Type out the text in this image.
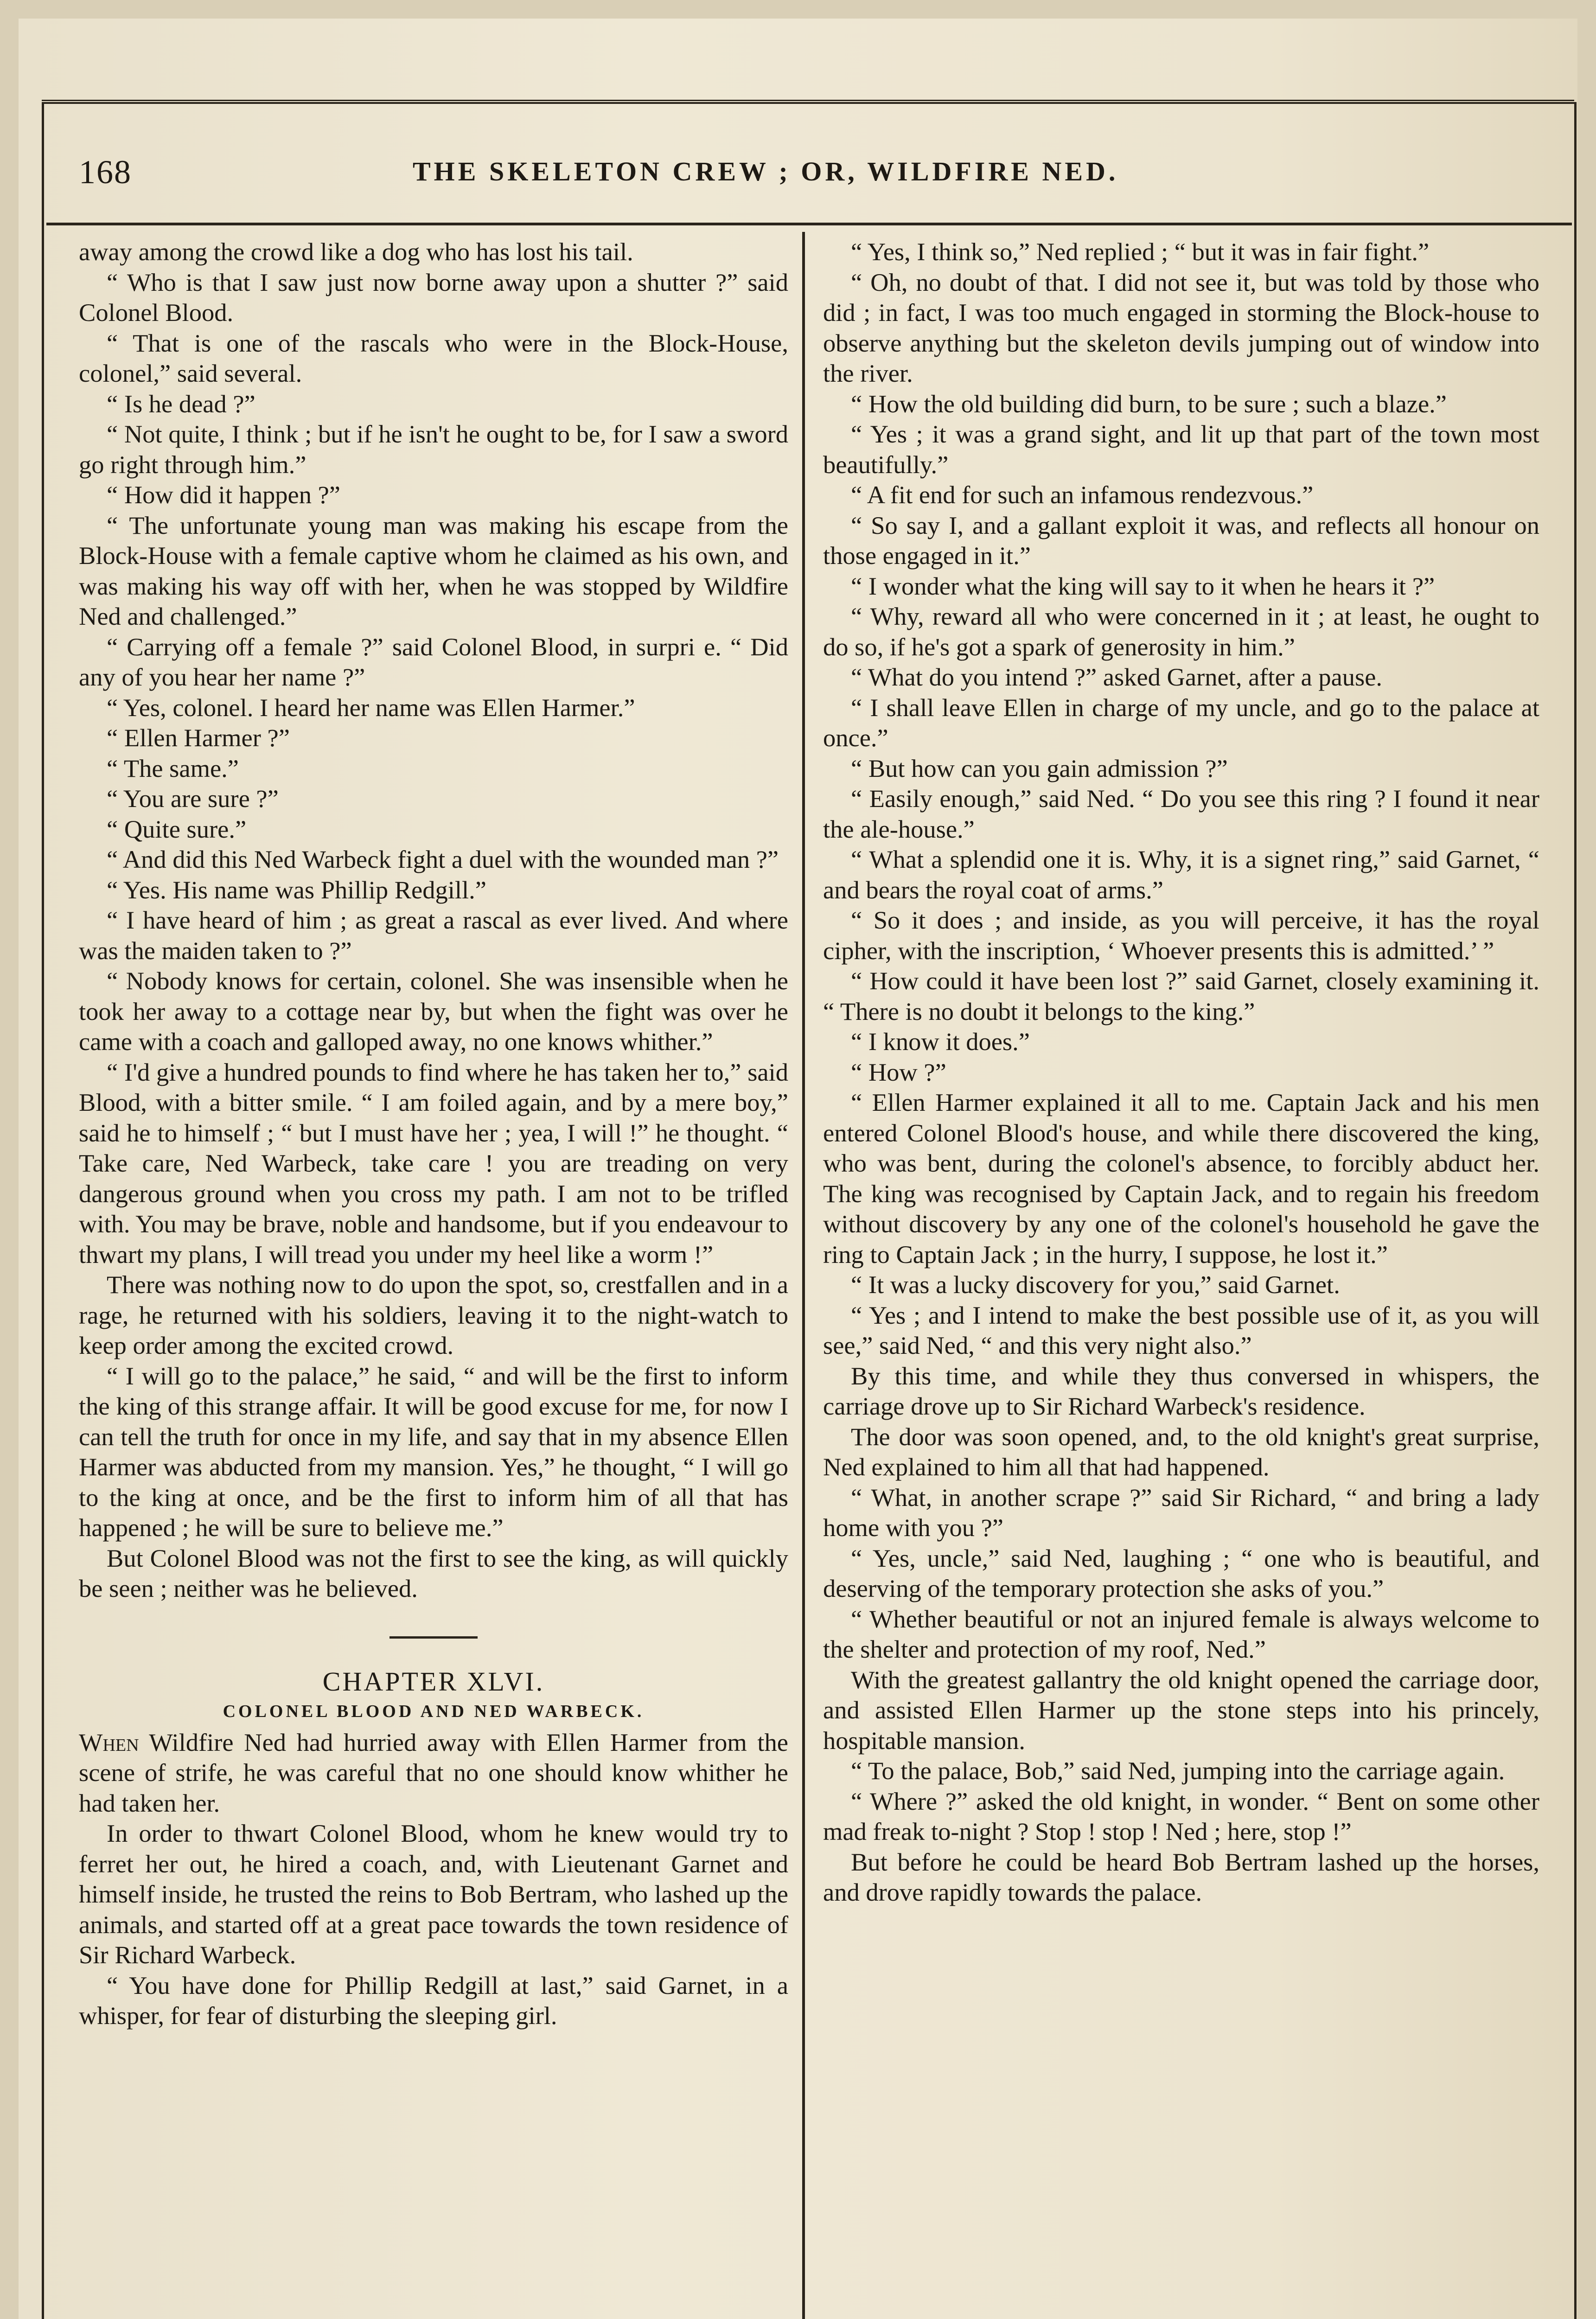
168	THE SKELETON CREW ; OR, WILDFIRE NED.

away among the crowd like a dog who has lost his tail.

“ Who is that I saw just now borne away upon a shutter ?” said Colonel Blood.

“ That is one of the rascals who were in the Block-House, colonel,” said several.

“ Is he dead ?”

“ Not quite, I think ; but if he isn't he ought to be, for I saw a sword go right through him.”

“ How did it happen ?”

“ The unfortunate young man was making his escape from the Block-House with a female captive whom he claimed as his own, and was making his way off with her, when he was stopped by Wildfire Ned and challenged.”

“ Carrying off a female ?” said Colonel Blood, in surpri e. “ Did any of you hear her name ?”

“ Yes, colonel. I heard her name was Ellen Harmer.”

“ Ellen Harmer ?”

“ The same.”

“ You are sure ?”

“ Quite sure.”

“ And did this Ned Warbeck fight a duel with the wounded man ?”

“ Yes. His name was Phillip Redgill.”

“ I have heard of him ; as great a rascal as ever lived. And where was the maiden taken to ?”

“ Nobody knows for certain, colonel. She was insensible when he took her away to a cottage near by, but when the fight was over he came with a coach and galloped away, no one knows whither.”

“ I'd give a hundred pounds to find where he has taken her to,” said Blood, with a bitter smile. “ I am foiled again, and by a mere boy,” said he to himself ; “ but I must have her ; yea, I will !” he thought. “ Take care, Ned Warbeck, take care ! you are treading on very dangerous ground when you cross my path. I am not to be trifled with. You may be brave, noble and handsome, but if you endeavour to thwart my plans, I will tread you under my heel like a worm !”

There was nothing now to do upon the spot, so, crestfallen and in a rage, he returned with his soldiers, leaving it to the night-watch to keep order among the excited crowd.

“ I will go to the palace,” he said, “ and will be the first to inform the king of this strange affair. It will be good excuse for me, for now I can tell the truth for once in my life, and say that in my absence Ellen Harmer was abducted from my mansion. Yes,” he thought, “ I will go to the king at once, and be the first to inform him of all that has happened ; he will be sure to believe me.”

But Colonel Blood was not the first to see the king, as will quickly be seen ; neither was he believed.

CHAPTER XLVI.

COLONEL BLOOD AND NED WARBECK.

When Wildfire Ned had hurried away with Ellen Harmer from the scene of strife, he was careful that no one should know whither he had taken her.

In order to thwart Colonel Blood, whom he knew would try to ferret her out, he hired a coach, and, with Lieutenant Garnet and himself inside, he trusted the reins to Bob Bertram, who lashed up the animals, and started off at a great pace towards the town residence of Sir Richard Warbeck.

“ You have done for Phillip Redgill at last,” said Garnet, in a whisper, for fear of disturbing the sleeping girl.

“ Yes, I think so,” Ned replied ; “ but it was in fair fight.”

“ Oh, no doubt of that. I did not see it, but was told by those who did ; in fact, I was too much engaged in storming the Block-house to observe anything but the skeleton devils jumping out of window into the river.

“ How the old building did burn, to be sure ; such a blaze.”

“ Yes ; it was a grand sight, and lit up that part of the town most beautifully.”

“ A fit end for such an infamous rendezvous.”

“ So say I, and a gallant exploit it was, and reflects all honour on those engaged in it.”

“ I wonder what the king will say to it when he hears it ?”

“ Why, reward all who were concerned in it ; at least, he ought to do so, if he's got a spark of generosity in him.”

“ What do you intend ?” asked Garnet, after a pause.

“ I shall leave Ellen in charge of my uncle, and go to the palace at once.”

“ But how can you gain admission ?”

“ Easily enough,” said Ned. “ Do you see this ring ? I found it near the ale-house.”

“ What a splendid one it is. Why, it is a signet ring,” said Garnet, “ and bears the royal coat of arms.”

“ So it does ; and inside, as you will perceive, it has the royal cipher, with the inscription, ‘ Whoever presents this is admitted.’ ”

“ How could it have been lost ?” said Garnet, closely examining it. “ There is no doubt it belongs to the king.”

“ I know it does.”

“ How ?”

“ Ellen Harmer explained it all to me. Captain Jack and his men entered Colonel Blood's house, and while there discovered the king, who was bent, during the colonel's absence, to forcibly abduct her. The king was recognised by Captain Jack, and to regain his freedom without discovery by any one of the colonel's household he gave the ring to Captain Jack ; in the hurry, I suppose, he lost it.”

“ It was a lucky discovery for you,” said Garnet.

“ Yes ; and I intend to make the best possible use of it, as you will see,” said Ned, “ and this very night also.”

By this time, and while they thus conversed in whispers, the carriage drove up to Sir Richard Warbeck's residence.

The door was soon opened, and, to the old knight's great surprise, Ned explained to him all that had happened.

“ What, in another scrape ?” said Sir Richard, “ and bring a lady home with you ?”

“ Yes, uncle,” said Ned, laughing ; “ one who is beautiful, and deserving of the temporary protection she asks of you.”

“ Whether beautiful or not an injured female is always welcome to the shelter and protection of my roof, Ned.”

With the greatest gallantry the old knight opened the carriage door, and assisted Ellen Harmer up the stone steps into his princely, hospitable mansion.

“ To the palace, Bob,” said Ned, jumping into the carriage again.

“ Where ?” asked the old knight, in wonder. “ Bent on some other mad freak to-night ? Stop ! stop ! Ned ; here, stop !”

But before he could be heard Bob Bertram lashed up the horses, and drove rapidly towards the palace.
